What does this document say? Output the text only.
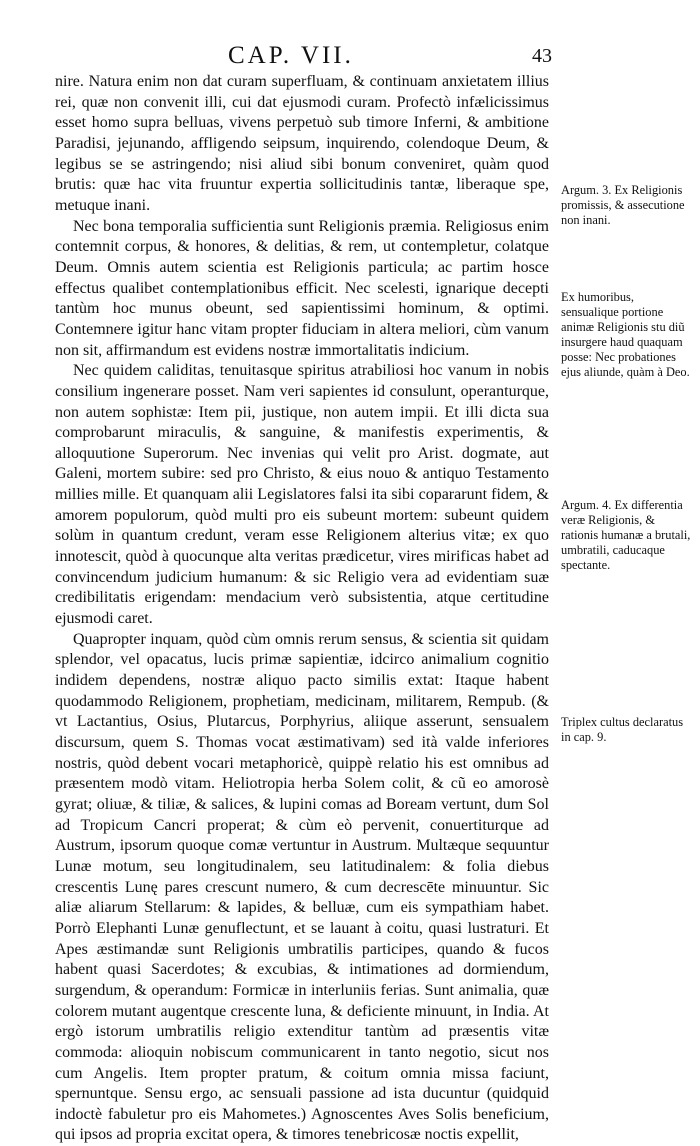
CAP. VII.	43

nire. Natura enim non dat curam superfluam, & continuam anxietatem illius rei, quæ non convenit illi, cui dat ejusmodi curam. Profectò infælicissimus esset homo supra belluas, vivens perpetuò sub timore Inferni, & ambitione Paradisi, jejunando, affligendo seipsum, inquirendo, colendoque Deum, & legibus se se astringendo; nisi aliud sibi bonum conveniret, quàm quod brutis: quæ hac vita fruuntur expertia sollicitudinis tantæ, liberaque spe, metuque inani.

Nec bona temporalia sufficientia sunt Religionis præmia. Religiosus enim contemnit corpus, & honores, & delitias, & rem, ut contempletur, colatque Deum. Omnis autem scientia est Religionis particula; ac partim hosce effectus qualibet contemplationibus efficit. Nec scelesti, ignarique decepti tantùm hoc munus obeunt, sed sapientissimi hominum, & optimi. Contemnere igitur hanc vitam propter fiduciam in altera meliori, cùm vanum non sit, affirmandum est evidens nostræ immortalitatis indicium.

Nec quidem caliditas, tenuitasque spiritus atrabiliosi hoc vanum in nobis consilium ingenerare posset. Nam veri sapientes id consulunt, operanturque, non autem sophistæ: Item pii, justique, non autem impii. Et illi dicta sua comprobarunt miraculis, & sanguine, & manifestis experimentis, & alloquutione Superorum. Nec invenias qui velit pro Arist. dogmate, aut Galeni, mortem subire: sed pro Christo, & eius nouo & antiquo Testamento millies mille. Et quanquam alii Legislatores falsi ita sibi copararunt fidem, & amorem populorum, quòd multi pro eis subeunt mortem: subeunt quidem solùm in quantum credunt, veram esse Religionem alterius vitæ; ex quo innotescit, quòd à quocunque alta veritas prædicetur, vires mirificas habet ad convincendum judicium humanum: & sic Religio vera ad evidentiam suæ credibilitatis erigendam: mendacium verò subsistentia, atque certitudine ejusmodi caret.

Quapropter inquam, quòd cùm omnis rerum sensus, & scientia sit quidam splendor, vel opacatus, lucis primæ sapientiæ, idcirco animalium cognitio indidem dependens, nostræ aliquo pacto similis extat: Itaque habent quodammodo Religionem, prophetiam, medicinam, militarem, Rempub. (& vt Lactantius, Osius, Plutarcus, Porphyrius, aliique asserunt, sensualem discursum, quem S. Thomas vocat æstimativam) sed ità valde inferiores nostris, quòd debent vocari metaphoricè, quippè relatio his est omnibus ad præsentem modò vitam. Heliotropia herba Solem colit, & cũ eo amorosè gyrat; oliuæ, & tiliæ, & salices, & lupini comas ad Boream vertunt, dum Sol ad Tropicum Cancri properat; & cùm eò pervenit, conuertiturque ad Austrum, ipsorum quoque comæ vertuntur in Austrum. Multæque sequuntur Lunæ motum, seu longitudinalem, seu latitudinalem: & folia diebus crescentis Lunę pares crescunt numero, & cum decrescēte minuuntur. Sic aliæ aliarum Stellarum: & lapides, & belluæ, cum eis sympathiam habet. Porrò Elephanti Lunæ genuflectunt, et se lauant à coitu, quasi lustraturi. Et Apes æstimandæ sunt Religionis umbratilis participes, quando & fucos habent quasi Sacerdotes; & excubias, & intimationes ad dormiendum, surgendum, & operandum: Formicæ in interluniis ferias. Sunt animalia, quæ colorem mutant augentque crescente luna, & deficiente minuunt, in India. At ergò istorum umbratilis religio extenditur tantùm ad præsentis vitæ commoda: alioquin nobiscum communicarent in tanto negotio, sicut nos cum Angelis. Item propter pratum, & coitum omnia missa faciunt, spernuntque. Sensu ergo, ac sensuali passione ad ista ducuntur (quidquid indoctè fabuletur pro eis Mahometes.) Agnoscentes Aves Solis beneficium, qui ipsos ad propria excitat opera, & timores tenebricosæ noctis expellit,

Argum. 3. Ex Religionis promissis, & assecutione non inani.
Ex humoribus, sensualique portione animæ Religionis stu diũ insurgere haud quaquam posse: Nec probationes ejus aliunde, quàm à Deo.
Argum. 4. Ex differentia veræ Religionis, & rationis humanæ a brutali, umbratili, caducaque spectante.
Triplex cultus declaratus in cap. 9.
